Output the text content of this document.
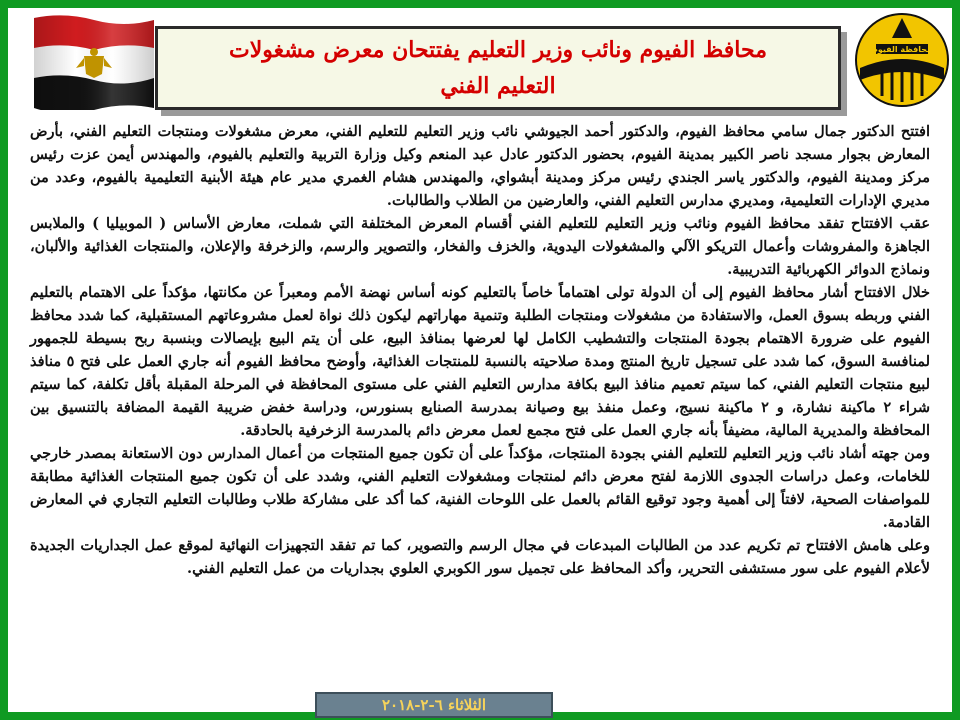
محافظ الفيوم ونائب وزير التعليم يفتتحان معرض مشغولات
التعليم الفني
محافظة الفيوم

افتتح الدكتور جمال سامي محافظ الفيوم، والدكتور أحمد الجيوشي نائب وزير التعليم للتعليم الفني، معرض مشغولات ومنتجات التعليم الفني، بأرض المعارض بجوار مسجد ناصر الكبير بمدينة الفيوم، بحضور الدكتور عادل عبد المنعم وكيل وزارة التربية والتعليم بالفيوم، والمهندس أيمن عزت رئيس مركز ومدينة الفيوم، والدكتور ياسر الجندي رئيس مركز ومدينة أبشواي، والمهندس هشام الغمري مدير عام هيئة الأبنية التعليمية بالفيوم، وعدد من مديري الإدارات التعليمية، ومديري مدارس التعليم الفني، والعارضين من الطلاب والطالبات.

عقب الافتتاح تفقد محافظ الفيوم ونائب وزير التعليم للتعليم الفني أقسام المعرض المختلفة التي شملت، معارض الأساس ( الموبيليا ) والملابس الجاهزة والمفروشات وأعمال التريكو الآلي والمشغولات اليدوية، والخزف والفخار، والتصوير والرسم، والزخرفة والإعلان، والمنتجات الغذائية والألبان، ونماذج الدوائر الكهربائية التدريبية.

خلال الافتتاح أشار محافظ الفيوم إلى أن الدولة تولى اهتماماً خاصاً بالتعليم كونه أساس نهضة الأمم ومعبراً عن مكانتها، مؤكداً على الاهتمام بالتعليم الفني وربطه بسوق العمل، والاستفادة من مشغولات ومنتجات الطلبة وتنمية مهاراتهم ليكون ذلك نواة لعمل مشروعاتهم المستقبلية، كما شدد محافظ الفيوم على ضرورة الاهتمام بجودة المنتجات والتشطيب الكامل لها لعرضها بمنافذ البيع، على أن يتم البيع بإيصالات وبنسبة ربح بسيطة للجمهور لمنافسة السوق، كما شدد على تسجيل تاريخ المنتج ومدة صلاحيته بالنسبة للمنتجات الغذائية، وأوضح محافظ الفيوم أنه جاري العمل على فتح ٥ منافذ لبيع منتجات التعليم الفني، كما سيتم تعميم منافذ البيع بكافة مدارس التعليم الفني على مستوى المحافظة في المرحلة المقبلة بأقل تكلفة، كما سيتم شراء ٢ ماكينة نشارة، و ٢ ماكينة نسيج، وعمل منفذ بيع وصيانة بمدرسة الصنايع بسنورس، ودراسة خفض ضريبة القيمة المضافة بالتنسيق بين المحافظة والمديرية المالية، مضيفاً بأنه جاري العمل على فتح مجمع لعمل معرض دائم بالمدرسة الزخرفية بالحادقة.

ومن جهته أشاد نائب وزير التعليم للتعليم الفني بجودة المنتجات، مؤكداً على أن تكون جميع المنتجات من أعمال المدارس دون الاستعانة بمصدر خارجي للخامات، وعمل دراسات الجدوى اللازمة لفتح معرض دائم لمنتجات ومشغولات التعليم الفني، وشدد على أن تكون جميع المنتجات الغذائية مطابقة للمواصفات الصحية، لافتاً إلى أهمية وجود توقيع القائم بالعمل على اللوحات الفنية، كما أكد على مشاركة طلاب وطالبات التعليم التجاري في المعارض القادمة.

وعلى هامش الافتتاح تم تكريم عدد من الطالبات المبدعات في مجال الرسم والتصوير، كما تم تفقد التجهيزات النهائية لموقع عمل الجداريات الجديدة لأعلام الفيوم على سور مستشفى التحرير، وأكد المحافظ على تجميل سور الكوبري العلوي بجداريات من عمل التعليم الفني.

الثلاثاء ٦-٢-٢٠١٨
